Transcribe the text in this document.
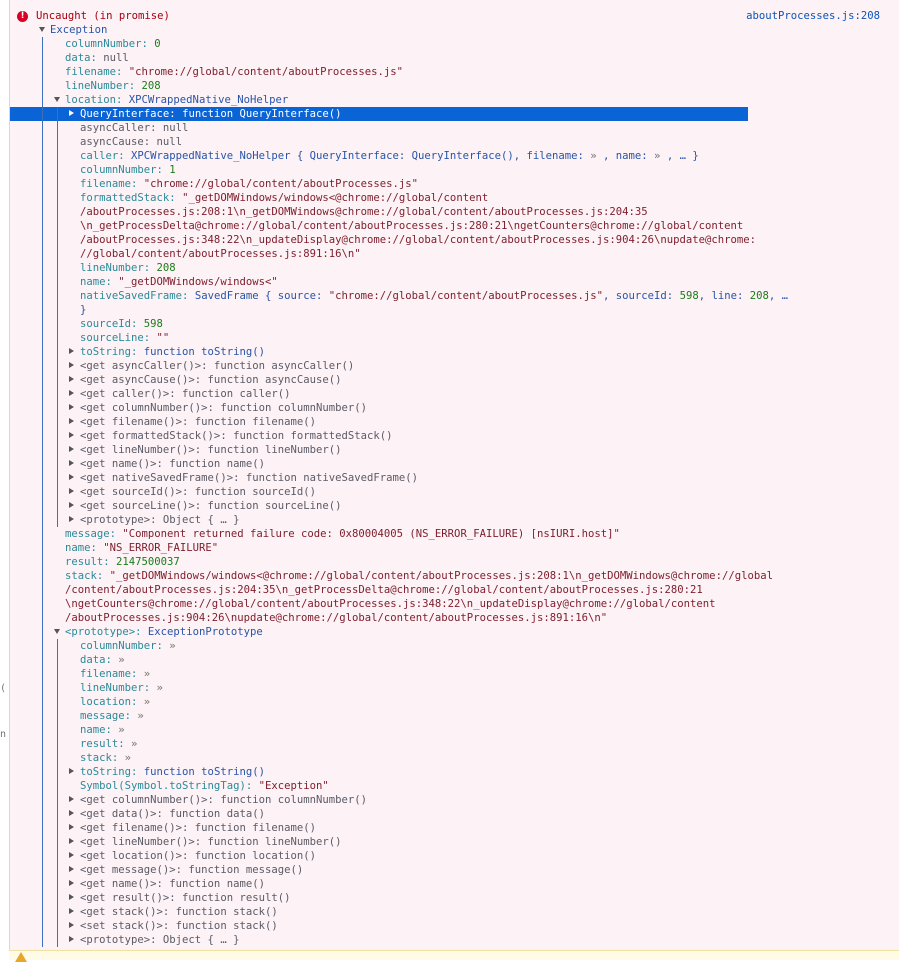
!

	Uncaught (in promise)

	aboutProcesses.js:208
Exception
columnNumber: 0
data: null
filename: "chrome://global/content/aboutProcesses.js"
lineNumber: 208
location: XPCWrappedNative_NoHelper
QueryInterface: function QueryInterface()
asyncCaller: null
asyncCause: null
caller: XPCWrappedNative_NoHelper { QueryInterface: QueryInterface(), filename: » , name: » , … }
columnNumber: 1
filename: "chrome://global/content/aboutProcesses.js"
formattedStack: "_getDOMWindows/windows<@chrome://global/content
/aboutProcesses.js:208:1\n_getDOMWindows@chrome://global/content/aboutProcesses.js:204:35
\n_getProcessDelta@chrome://global/content/aboutProcesses.js:280:21\ngetCounters@chrome://global/content
/aboutProcesses.js:348:22\n_updateDisplay@chrome://global/content/aboutProcesses.js:904:26\nupdate@chrome:
//global/content/aboutProcesses.js:891:16\n"
lineNumber: 208
name: "_getDOMWindows/windows<"
nativeSavedFrame: SavedFrame { source: "chrome://global/content/aboutProcesses.js", sourceId: 598, line: 208, …
}
sourceId: 598
sourceLine: ""
toString: function toString()
<get asyncCaller()>: function asyncCaller()
<get asyncCause()>: function asyncCause()
<get caller()>: function caller()
<get columnNumber()>: function columnNumber()
<get filename()>: function filename()
<get formattedStack()>: function formattedStack()
<get lineNumber()>: function lineNumber()
<get name()>: function name()
<get nativeSavedFrame()>: function nativeSavedFrame()
<get sourceId()>: function sourceId()
<get sourceLine()>: function sourceLine()
<prototype>: Object { … }
message: "Component returned failure code: 0x80004005 (NS_ERROR_FAILURE) [nsIURI.host]"
name: "NS_ERROR_FAILURE"
result: 2147500037
stack: "_getDOMWindows/windows<@chrome://global/content/aboutProcesses.js:208:1\n_getDOMWindows@chrome://global
/content/aboutProcesses.js:204:35\n_getProcessDelta@chrome://global/content/aboutProcesses.js:280:21
\ngetCounters@chrome://global/content/aboutProcesses.js:348:22\n_updateDisplay@chrome://global/content
/aboutProcesses.js:904:26\nupdate@chrome://global/content/aboutProcesses.js:891:16\n"
<prototype>: ExceptionPrototype
columnNumber: »
data: »
filename: »
lineNumber: »
location: »
message: »
name: »
result: »
stack: »
toString: function toString()
Symbol(Symbol.toStringTag): "Exception"
<get columnNumber()>: function columnNumber()
<get data()>: function data()
<get filename()>: function filename()
<get lineNumber()>: function lineNumber()
<get location()>: function location()
<get message()>: function message()
<get name()>: function name()
<get result()>: function result()
<get stack()>: function stack()
<set stack()>: function stack()
<prototype>: Object { … }
(
n
